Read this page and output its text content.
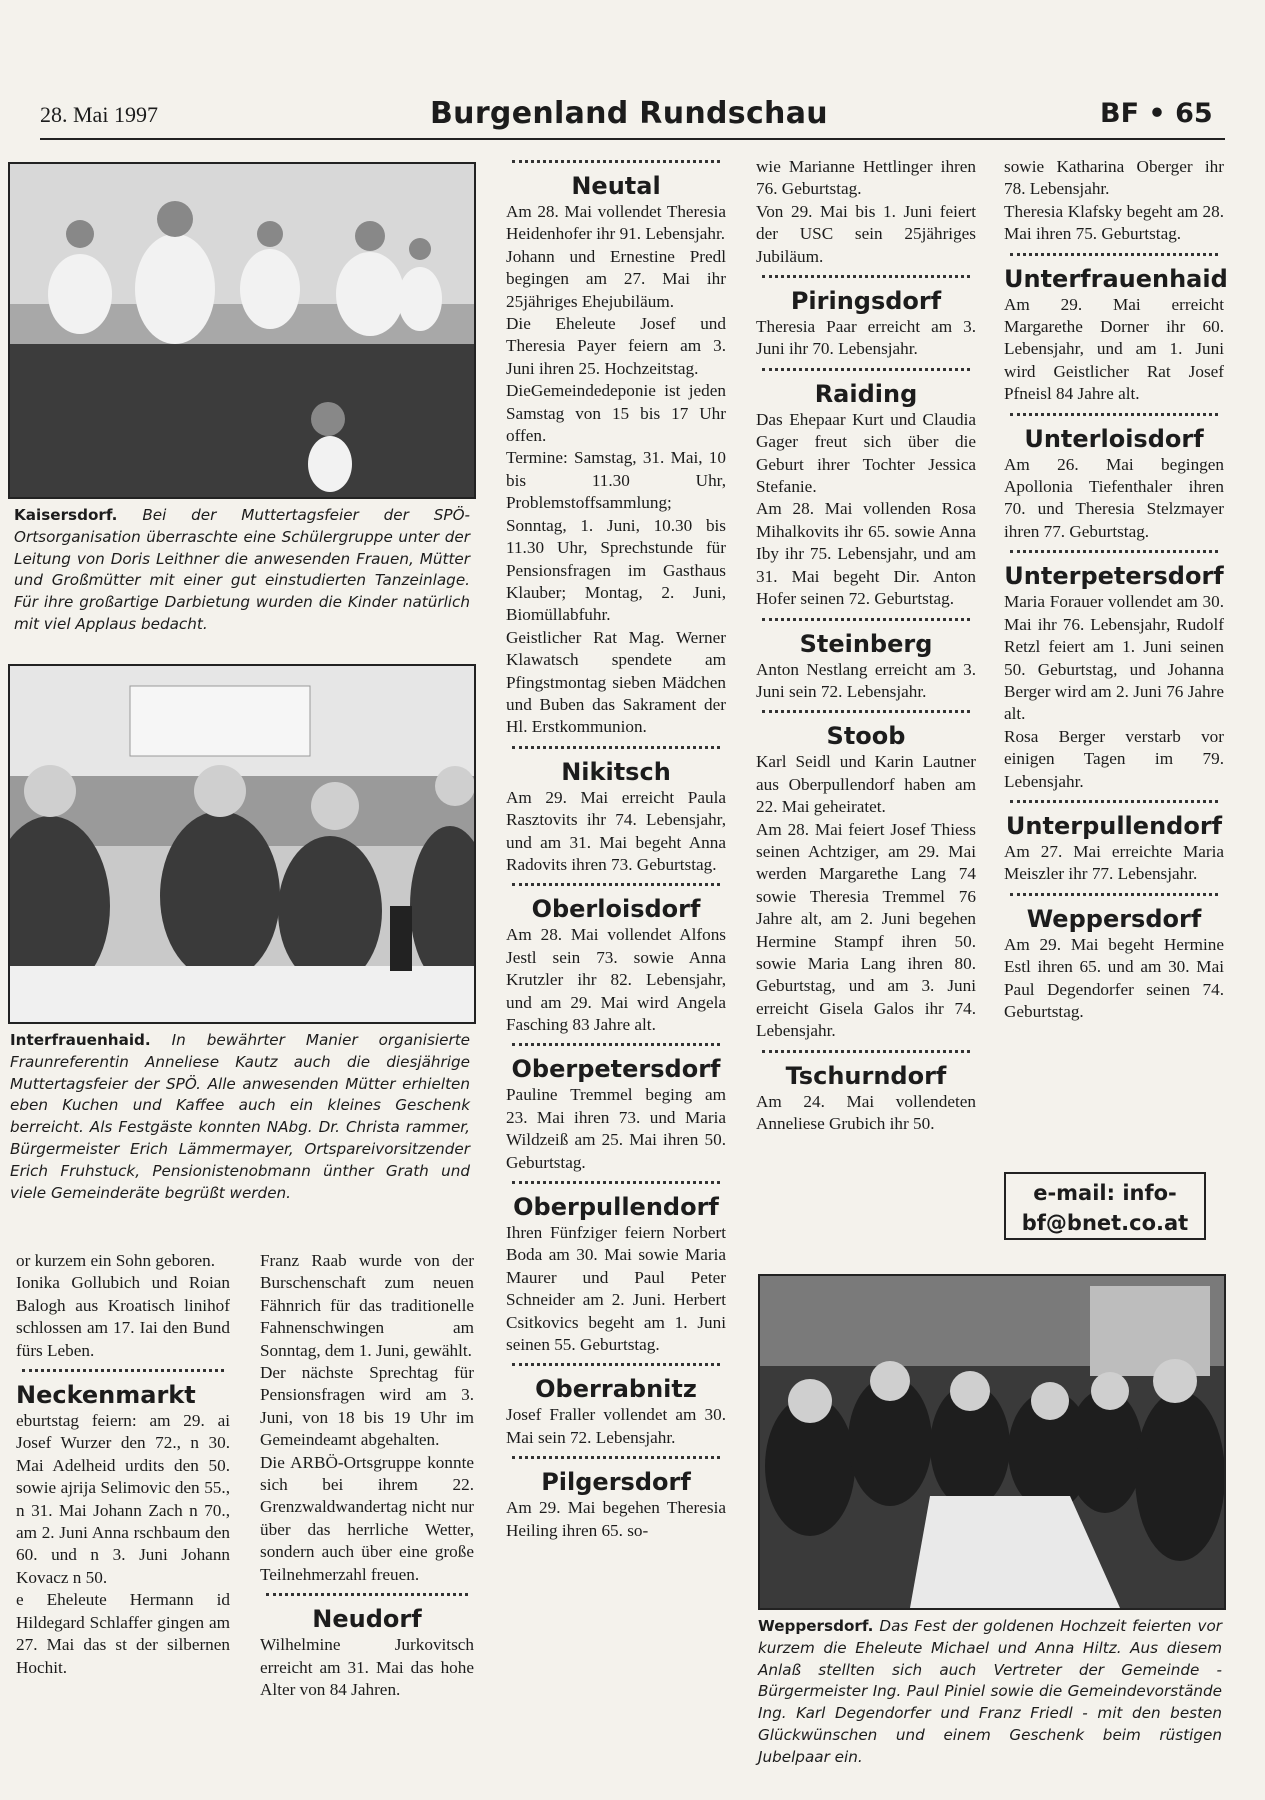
28. Mai 1997	Burgenland Rundschau	BF • 65
Kaisersdorf. Bei der Muttertagsfeier der SPÖ-Ortsorganisation überraschte eine Schülergruppe unter der Leitung von Doris Leithner die anwesenden Frauen, Mütter und Großmütter mit einer gut einstudierten Tanzeinlage. Für ihre großartige Darbietung wurden die Kinder natürlich mit viel Applaus bedacht.
Interfrauenhaid. In bewährter Manier organisierte Fraunreferentin Anneliese Kautz auch die diesjährige Muttertagsfeier der SPÖ. Alle anwesenden Mütter erhielten eben Kuchen und Kaffee auch ein kleines Geschenk berreicht. Als Festgäste konnten NAbg. Dr. Christa rammer, Bürgermeister Erich Lämmermayer, Ortspareivorsitzender Erich Fruhstuck, Pensionistenobmann ünther Grath und viele Gemeinderäte begrüßt werden.

or kurzem ein Sohn geboren.

Ionika Gollubich und Roian Balogh aus Kroatisch linihof schlossen am 17. Iai den Bund fürs Leben.

Neckenmarkt

eburtstag feiern: am 29. ai Josef Wurzer den 72., n 30. Mai Adelheid urdits den 50. sowie ajrija Selimovic den 55., n 31. Mai Johann Zach n 70., am 2. Juni Anna rschbaum den 60. und n 3. Juni Johann Kovacz n 50.

e Eheleute Hermann id Hildegard Schlaffer gingen am 27. Mai das st der silbernen Hochit.

Franz Raab wurde von der Burschenschaft zum neuen Fähnrich für das traditionelle Fahnenschwingen am Sonntag, dem 1. Juni, gewählt.

Der nächste Sprechtag für Pensionsfragen wird am 3. Juni, von 18 bis 19 Uhr im Gemeindeamt abgehalten.

Die ARBÖ-Ortsgruppe konnte sich bei ihrem 22. Grenzwaldwandertag nicht nur über das herrliche Wetter, sondern auch über eine große Teilnehmerzahl freuen.

Neudorf

Wilhelmine Jurkovitsch erreicht am 31. Mai das hohe Alter von 84 Jahren.

Neutal

Am 28. Mai vollendet Theresia Heidenhofer ihr 91. Lebensjahr.

Johann und Ernestine Predl begingen am 27. Mai ihr 25jähriges Ehejubiläum.

Die Eheleute Josef und Theresia Payer feiern am 3. Juni ihren 25. Hochzeitstag.

DieGemeindedeponie ist jeden Samstag von 15 bis 17 Uhr offen.

Termine: Samstag, 31. Mai, 10 bis 11.30 Uhr, Problemstoffsammlung; Sonntag, 1. Juni, 10.30 bis 11.30 Uhr, Sprechstunde für Pensionsfragen im Gasthaus Klauber; Montag, 2. Juni, Biomüllabfuhr.

Geistlicher Rat Mag. Werner Klawatsch spendete am Pfingstmontag sieben Mädchen und Buben das Sakrament der Hl. Erstkommunion.

Nikitsch

Am 29. Mai erreicht Paula Rasztovits ihr 74. Lebensjahr, und am 31. Mai begeht Anna Radovits ihren 73. Geburtstag.

Oberloisdorf

Am 28. Mai vollendet Alfons Jestl sein 73. sowie Anna Krutzler ihr 82. Lebensjahr, und am 29. Mai wird Angela Fasching 83 Jahre alt.

Oberpetersdorf

Pauline Tremmel beging am 23. Mai ihren 73. und Maria Wildzeiß am 25. Mai ihren 50. Geburtstag.

Oberpullendorf

Ihren Fünfziger feiern Norbert Boda am 30. Mai sowie Maria Maurer und Paul Peter Schneider am 2. Juni. Herbert Csitkovics begeht am 1. Juni seinen 55. Geburtstag.

Oberrabnitz

Josef Fraller vollendet am 30. Mai sein 72. Lebensjahr.

Pilgersdorf

Am 29. Mai begehen Theresia Heiling ihren 65. so-

wie Marianne Hettlinger ihren 76. Geburtstag.

Von 29. Mai bis 1. Juni feiert der USC sein 25jähriges Jubiläum.

Piringsdorf

Theresia Paar erreicht am 3. Juni ihr 70. Lebensjahr.

Raiding

Das Ehepaar Kurt und Claudia Gager freut sich über die Geburt ihrer Tochter Jessica Stefanie.

Am 28. Mai vollenden Rosa Mihalkovits ihr 65. sowie Anna Iby ihr 75. Lebensjahr, und am 31. Mai begeht Dir. Anton Hofer seinen 72. Geburtstag.

Steinberg

Anton Nestlang erreicht am 3. Juni sein 72. Lebensjahr.

Stoob

Karl Seidl und Karin Lautner aus Oberpullendorf haben am 22. Mai geheiratet.

Am 28. Mai feiert Josef Thiess seinen Achtziger, am 29. Mai werden Margarethe Lang 74 sowie Theresia Tremmel 76 Jahre alt, am 2. Juni begehen Hermine Stampf ihren 50. sowie Maria Lang ihren 80. Geburtstag, und am 3. Juni erreicht Gisela Galos ihr 74. Lebensjahr.

Tschurndorf

Am 24. Mai vollendeten Anneliese Grubich ihr 50.

sowie Katharina Oberger ihr 78. Lebensjahr.

Theresia Klafsky begeht am 28. Mai ihren 75. Geburtstag.

Unterfrauenhaid

Am 29. Mai erreicht Margarethe Dorner ihr 60. Lebensjahr, und am 1. Juni wird Geistlicher Rat Josef Pfneisl 84 Jahre alt.

Unterloisdorf

Am 26. Mai begingen Apollonia Tiefenthaler ihren 70. und Theresia Stelzmayer ihren 77. Geburtstag.

Unterpetersdorf

Maria Forauer vollendet am 30. Mai ihr 76. Lebensjahr, Rudolf Retzl feiert am 1. Juni seinen 50. Geburtstag, und Johanna Berger wird am 2. Juni 76 Jahre alt.

Rosa Berger verstarb vor einigen Tagen im 79. Lebensjahr.

Unterpullendorf

Am 27. Mai erreichte Maria Meiszler ihr 77. Lebensjahr.

Weppersdorf

Am 29. Mai begeht Hermine Estl ihren 65. und am 30. Mai Paul Degendorfer seinen 74. Geburtstag.

e-mail: info-
bf@bnet.co.at
Weppersdorf. Das Fest der goldenen Hochzeit feierten vor kurzem die Eheleute Michael und Anna Hiltz. Aus diesem Anlaß stellten sich auch Vertreter der Gemeinde - Bürgermeister Ing. Paul Piniel sowie die Gemeindevorstände Ing. Karl Degendorfer und Franz Friedl - mit den besten Glückwünschen und einem Geschenk beim rüstigen Jubelpaar ein.
